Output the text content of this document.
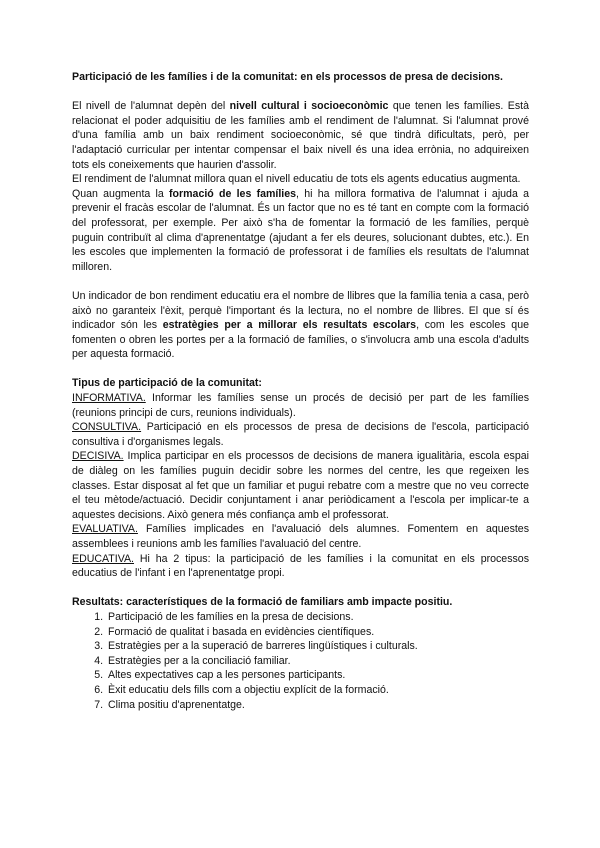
Participació de les famílies i de la comunitat: en els processos de presa de decisions.

El nivell de l'alumnat depèn del nivell cultural i socioeconòmic que tenen les famílies. Està relacionat el poder adquisitiu de les famílies amb el rendiment de l'alumnat. Si l'alumnat prové d'una família amb un baix rendiment socioeconòmic, sé que tindrà dificultats, però, per l'adaptació curricular per intentar compensar el baix nivell és una idea errònia, no adquireixen tots els coneixements que haurien d'assolir.

El rendiment de l'alumnat millora quan el nivell educatiu de tots els agents educatius augmenta.

Quan augmenta la formació de les famílies, hi ha millora formativa de l'alumnat i ajuda a prevenir el fracàs escolar de l'alumnat. És un factor que no es té tant en compte com la formació del professorat, per exemple. Per això s'ha de fomentar la formació de les famílies, perquè puguin contribuït al clima d'aprenentatge (ajudant a fer els deures, solucionant dubtes, etc.). En les escoles que implementen la formació de professorat i de famílies els resultats de l'alumnat milloren.

Un indicador de bon rendiment educatiu era el nombre de llibres que la família tenia a casa, però això no garanteix l'èxit, perquè l'important és la lectura, no el nombre de llibres. El que sí és indicador són les estratègies per a millorar els resultats escolars, com les escoles que fomenten o obren les portes per a la formació de famílies, o s'involucra amb una escola d'adults per aquesta formació.

Tipus de participació de la comunitat:

INFORMATIVA. Informar les famílies sense un procés de decisió per part de les famílies (reunions principi de curs, reunions individuals).

CONSULTIVA. Participació en els processos de presa de decisions de l'escola, participació consultiva i d'organismes legals.

DECISIVA. Implica participar en els processos de decisions de manera igualitària, escola espai de diàleg on les famílies puguin decidir sobre les normes del centre, les que regeixen les classes. Estar disposat al fet que un familiar et pugui rebatre com a mestre que no veu correcte el teu mètode/actuació. Decidir conjuntament i anar periòdicament a l'escola per implicar-te a aquestes decisions. Això genera més confiança amb el professorat.

EVALUATIVA. Famílies implicades en l'avaluació dels alumnes. Fomentem en aquestes assemblees i reunions amb les famílies l'avaluació del centre.

EDUCATIVA. Hi ha 2 tipus: la participació de les famílies i la comunitat en els processos educatius de l'infant i en l'aprenentatge propi.

Resultats: característiques de la formació de familiars amb impacte positiu.

1. Participació de les famílies en la presa de decisions.
2. Formació de qualitat i basada en evidències científiques.
3. Estratègies per a la superació de barreres lingüístiques i culturals.
4. Estratègies per a la conciliació familiar.
5. Altes expectatives cap a les persones participants.
6. Èxit educatiu dels fills com a objectiu explícit de la formació.
7. Clima positiu d'aprenentatge.
